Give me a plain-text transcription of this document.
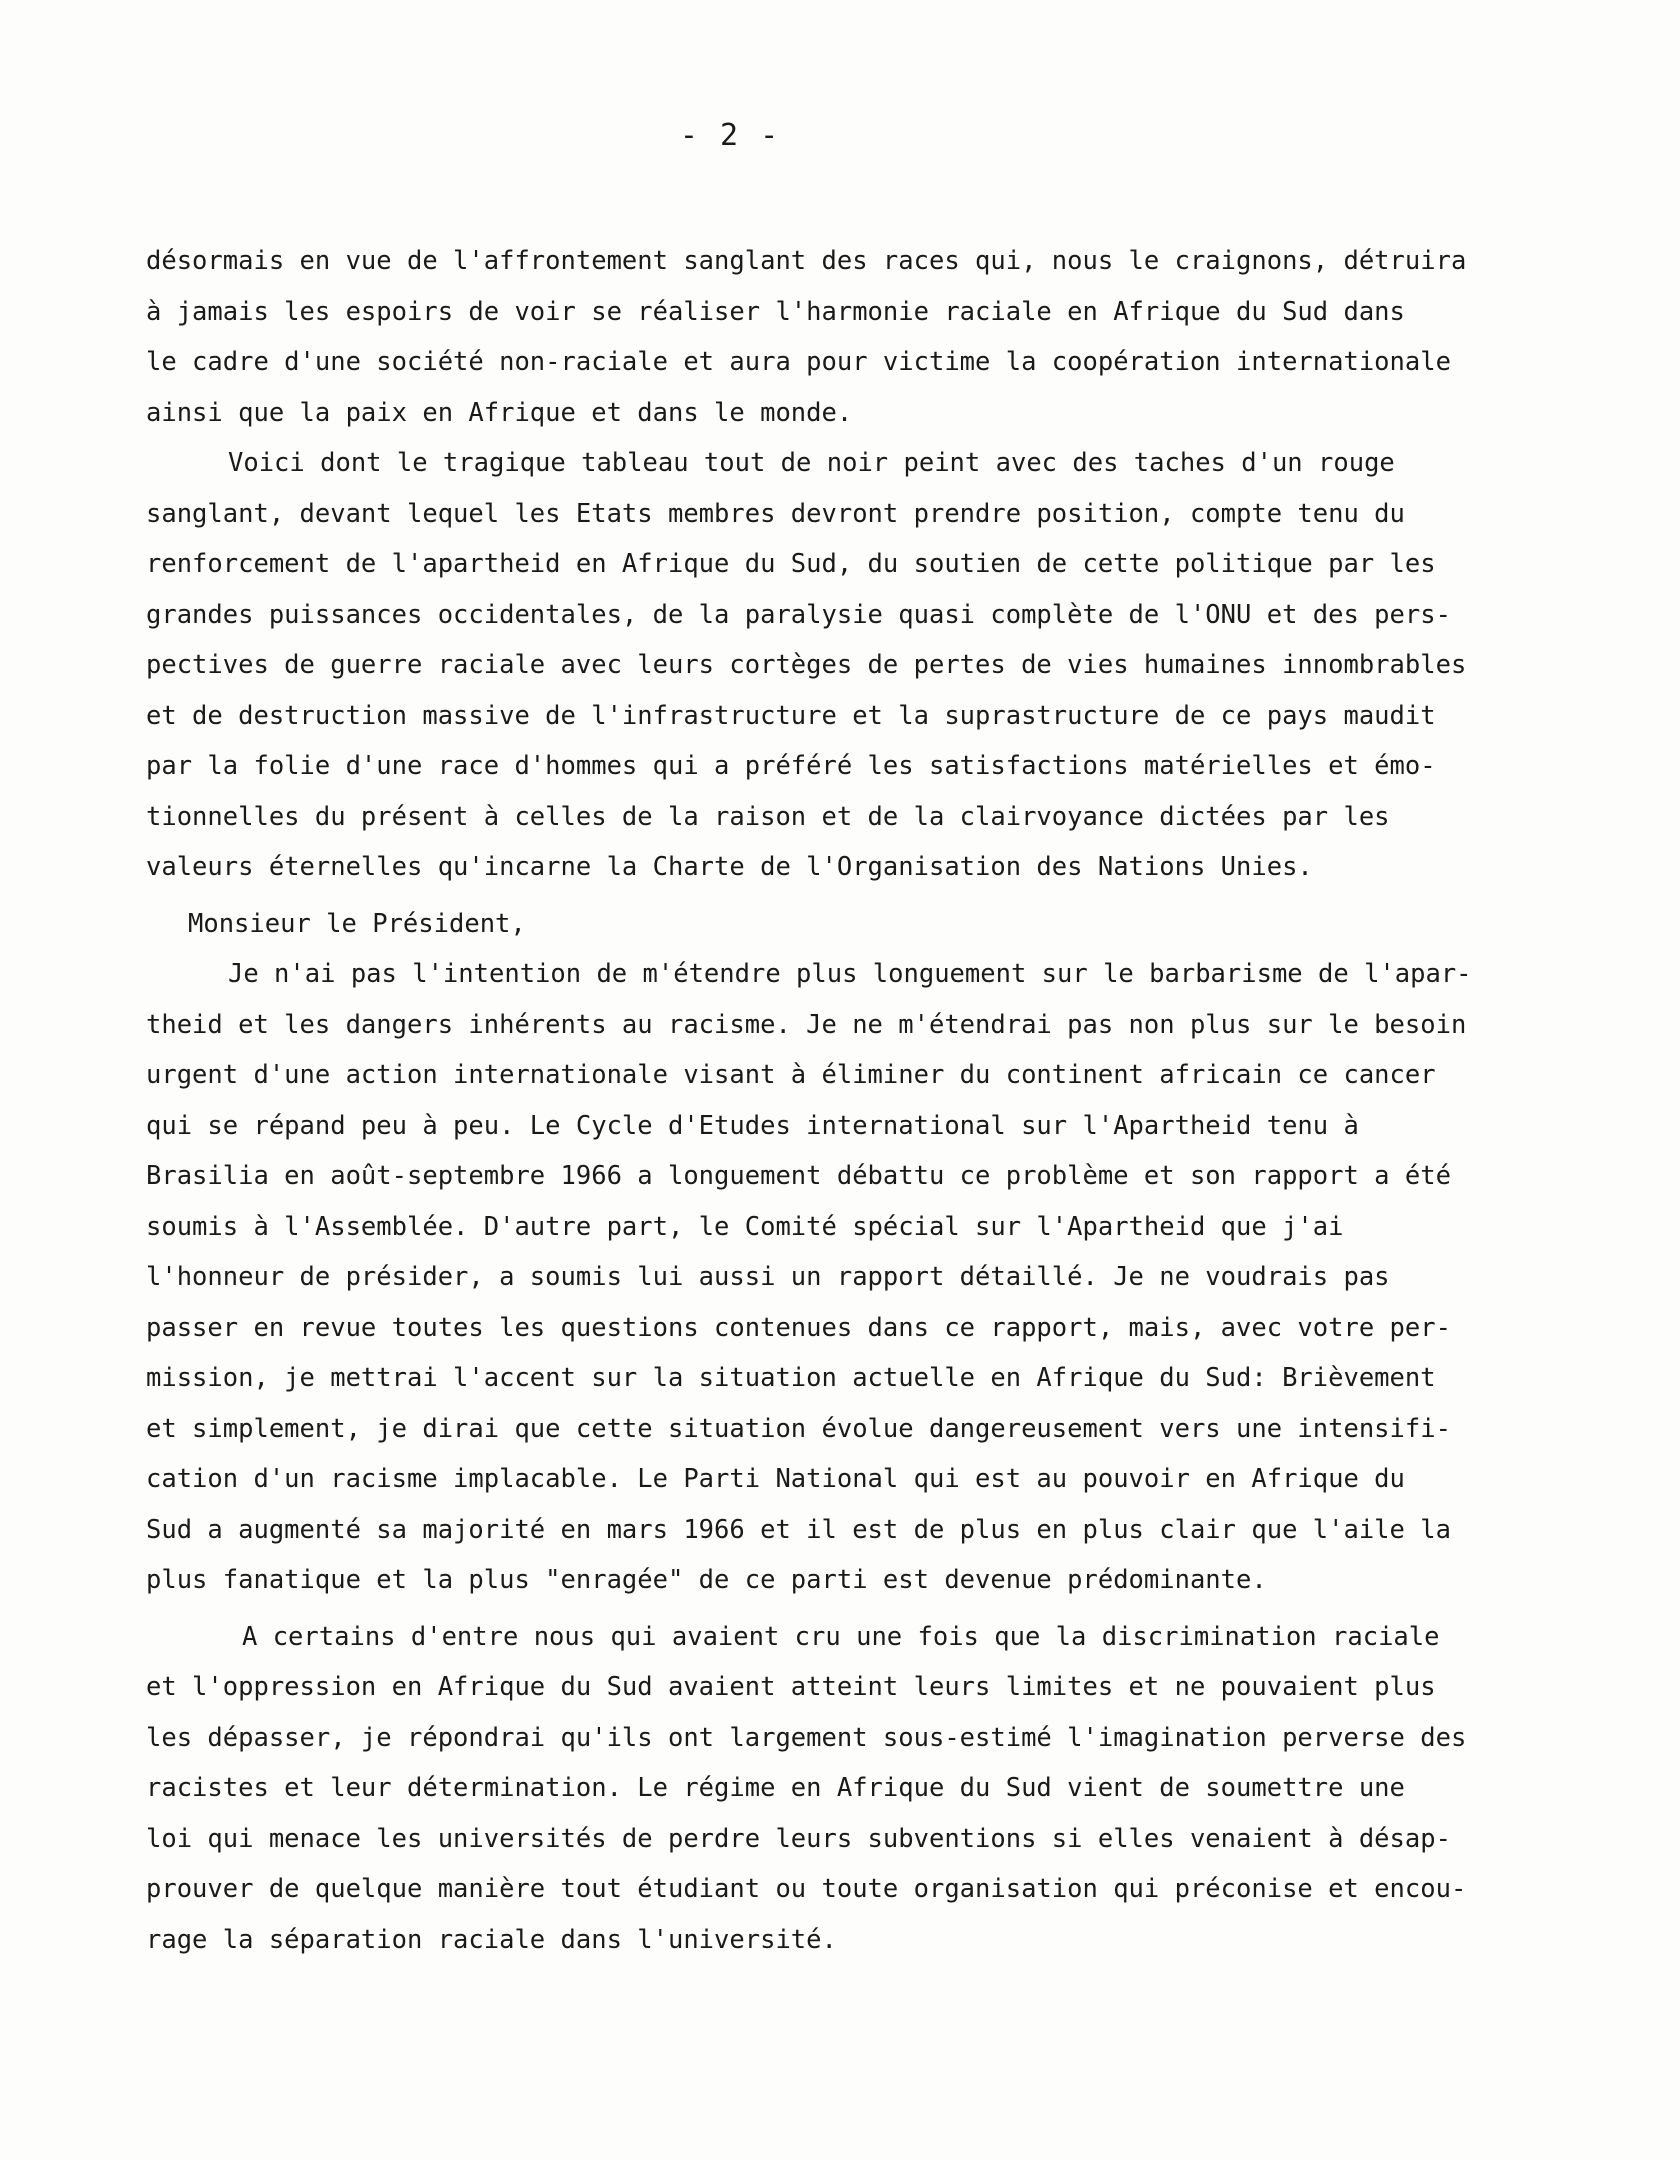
- 2 -
désormais en vue de l'affrontement sanglant des races qui, nous le craignons, détruira
à jamais les espoirs de voir se réaliser l'harmonie raciale en Afrique du Sud dans
le cadre d'une société non-raciale et aura pour victime la coopération internationale
ainsi que la paix en Afrique et dans le monde.
Voici dont le tragique tableau tout de noir peint avec des taches d'un rouge
sanglant, devant lequel les Etats membres devront prendre position, compte tenu du
renforcement de l'apartheid en Afrique du Sud, du soutien de cette politique par les
grandes puissances occidentales, de la paralysie quasi complète de l'ONU et des pers-
pectives de guerre raciale avec leurs cortèges de pertes de vies humaines innombrables
et de destruction massive de l'infrastructure et la suprastructure de ce pays maudit
par la folie d'une race d'hommes qui a préféré les satisfactions matérielles et émo-
tionnelles du présent à celles de la raison et de la clairvoyance dictées par les
valeurs éternelles qu'incarne la Charte de l'Organisation des Nations Unies.
Monsieur le Président,
Je n'ai pas l'intention de m'étendre plus longuement sur le barbarisme de l'apar-
theid et les dangers inhérents au racisme. Je ne m'étendrai pas non plus sur le besoin
urgent d'une action internationale visant à éliminer du continent africain ce cancer
qui se répand peu à peu. Le Cycle d'Etudes international sur l'Apartheid tenu à
Brasilia en août-septembre 1966 a longuement débattu ce problème et son rapport a été
soumis à l'Assemblée. D'autre part, le Comité spécial sur l'Apartheid que j'ai
l'honneur de présider, a soumis lui aussi un rapport détaillé. Je ne voudrais pas
passer en revue toutes les questions contenues dans ce rapport, mais, avec votre per-
mission, je mettrai l'accent sur la situation actuelle en Afrique du Sud: Brièvement
et simplement, je dirai que cette situation évolue dangereusement vers une intensifi-
cation d'un racisme implacable. Le Parti National qui est au pouvoir en Afrique du
Sud a augmenté sa majorité en mars 1966 et il est de plus en plus clair que l'aile la
plus fanatique et la plus "enragée" de ce parti est devenue prédominante.
A certains d'entre nous qui avaient cru une fois que la discrimination raciale
et l'oppression en Afrique du Sud avaient atteint leurs limites et ne pouvaient plus
les dépasser, je répondrai qu'ils ont largement sous-estimé l'imagination perverse des
racistes et leur détermination. Le régime en Afrique du Sud vient de soumettre une
loi qui menace les universités de perdre leurs subventions si elles venaient à désap-
prouver de quelque manière tout étudiant ou toute organisation qui préconise et encou-
rage la séparation raciale dans l'université.
